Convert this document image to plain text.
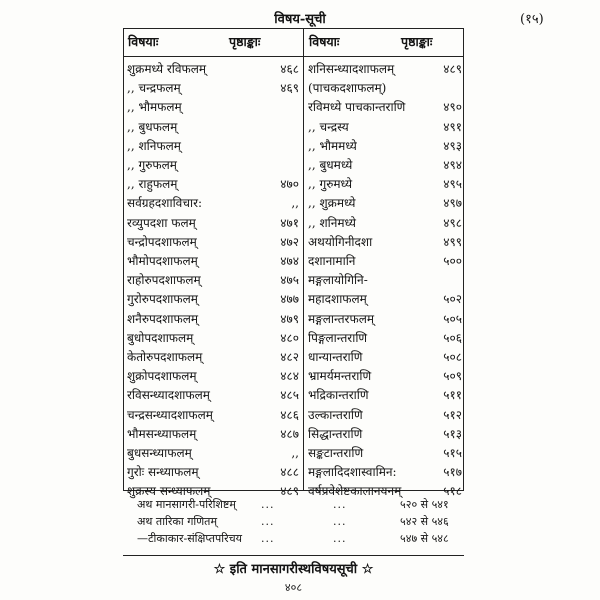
विषय-सूची	(१५)
विषयाः	पृष्ठाङ्काः	विषयाः	पृष्ठाङ्काः
शुक्रमध्ये रविफलम्	४६८
,, चन्द्रफलम्	४६९
,, भौमफलम्
,, बुधफलम्
,, शनिफलम्
,, गुरुफलम्
,, राहुफलम्	४७०
सर्वग्रहदशाविचार:	,,
रव्युपदशा फलम्	४७१
चन्द्रोपदशाफलम्	४७२
भौमोपदशाफलम्	४७४
राहोरुपदशाफलम्	४७५
गुरोरुपदशाफलम्	४७७
शनैरुपदशाफलम्	४७९
बुधोपदशाफलम्	४८०
केतोरुपदशाफलम्	४८२
शुक्रोपदशाफलम्	४८४
रविसन्ध्यादशाफलम्	४८५
चन्द्रसन्ध्यादशाफलम्	४८६
भौमसन्ध्याफलम्	४८७
बुधसन्ध्याफलम्	,,
गुरोः सन्ध्याफलम्	४८८
शुक्रस्य सन्ध्याफलम्	४८९
शनिसन्ध्यादशाफलम्	४८९
(पाचकदशाफलम्)
रविमध्ये पाचकान्तराणि	४९०
,, चन्द्रस्य	४९१
,, भौममध्ये	४९३
,, बुधमध्ये	४९४
,, गुरुमध्ये	४९५
,, शुक्रमध्ये	४९७
,, शनिमध्ये	४९८
अथयोगिनीदशा	४९९
दशानामानि	५००
मङ्गलायोगिनि-
महादशाफलम्	५०२
मङ्गलान्तरफलम्	५०५
पिङ्गलान्तराणि	५०६
धान्यान्तराणि	५०८
भ्रामर्यमन्तराणि	५०९
भद्रिकान्तराणि	५११
उल्कान्तराणि	५१२
सिद्धान्तराणि	५१३
सङ्कटान्तराणि	५१५
मङ्गलादिदशास्वामिन:	५१७
वर्षप्रवेशेष्टकालानयनम्	५१८
अथ मानसागरी-परिशिष्टम् ...	...	५२० से ५४१
अथ तारिका गणितम्	...	...	५४२ से ५४६
—टीकाकार-संक्षिप्तपरिचय ...	...	५४७ से ५४८
☆ इति मानसागरीस्थविषयसूची ☆
४०८
